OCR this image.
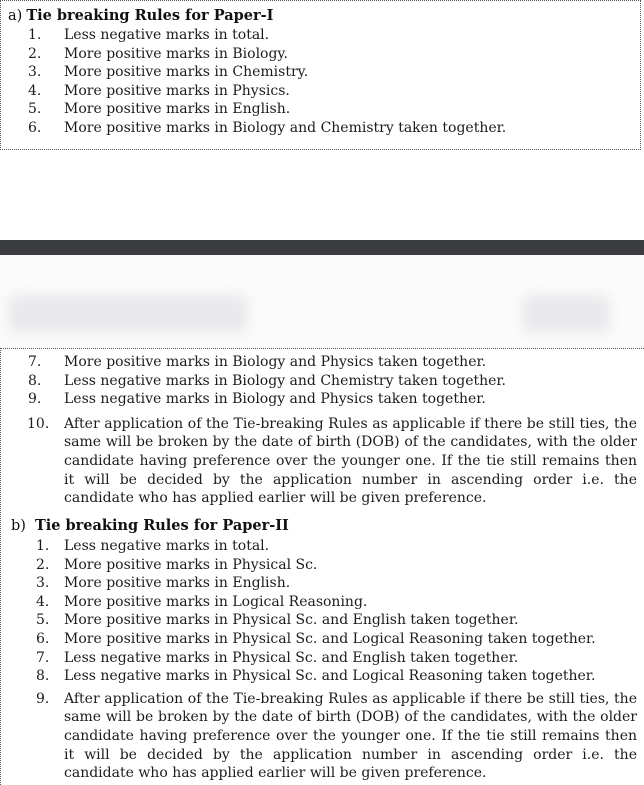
a) Tie breaking Rules for Paper-I
1.	Less negative marks in total.
2.	More positive marks in Biology.
3.	More positive marks in Chemistry.
4.	More positive marks in Physics.
5.	More positive marks in English.
6.	More positive marks in Biology and Chemistry taken together.
7.	More positive marks in Biology and Physics taken together.
8.	Less negative marks in Biology and Chemistry taken together.
9.	Less negative marks in Biology and Physics taken together.
10. After application of the Tie-breaking Rules as applicable if there be still ties, the same will be broken by the date of birth (DOB) of the candidates, with the older candidate having preference over the younger one. If the tie still remains then it will be decided by the application number in ascending order i.e. the candidate who has applied earlier will be given preference.
b) Tie breaking Rules for Paper-II
1.	Less negative marks in total.
2.	More positive marks in Physical Sc.
3.	More positive marks in English.
4.	More positive marks in Logical Reasoning.
5.	More positive marks in Physical Sc. and English taken together.
6.	More positive marks in Physical Sc. and Logical Reasoning taken together.
7.	Less negative marks in Physical Sc. and English taken together.
8.	Less negative marks in Physical Sc. and Logical Reasoning taken together.
9.	After application of the Tie-breaking Rules as applicable if there be still ties, the same will be broken by the date of birth (DOB) of the candidates, with the older candidate having preference over the younger one. If the tie still remains then it will be decided by the application number in ascending order i.e. the candidate who has applied earlier will be given preference.
